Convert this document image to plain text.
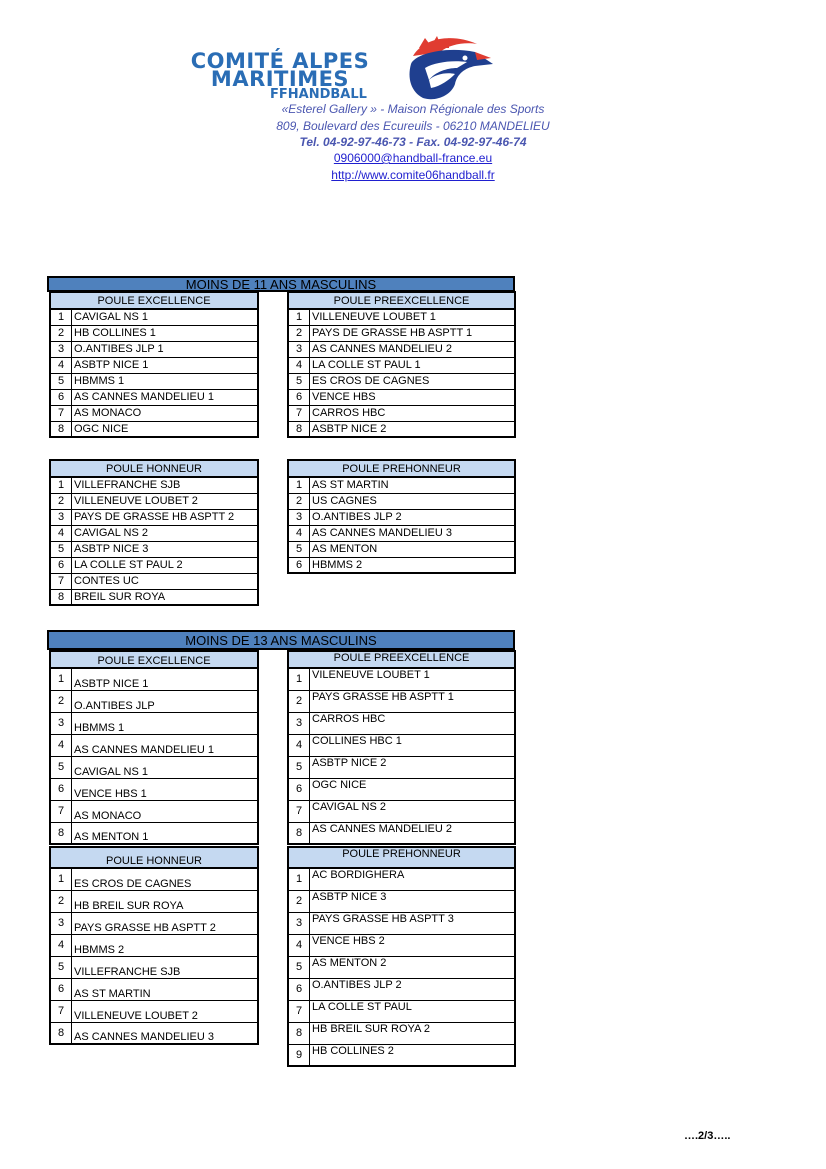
COMITÉ ALPES
MARITIMES
FFHANDBALL
«Esterel Gallery » - Maison Régionale des Sports
809, Boulevard des Ecureuils - 06210 MANDELIEU
Tel. 04-92-97-46-73 - Fax. 04-92-97-46-74
0906000@handball-france.eu
http://www.comite06handball.fr
MOINS DE 11 ANS MASCULINS
POULE EXCELLENCE	
1	CAVIGAL NS 1
2	HB COLLINES 1
3	O.ANTIBES JLP 1
4	ASBTP NICE 1
5	HBMMS 1
6	AS CANNES MANDELIEU 1
7	AS MONACO
8	OGC NICE
POULE PREEXCELLENCE	
1	VILLENEUVE LOUBET 1
2	PAYS DE GRASSE HB ASPTT 1
3	AS CANNES MANDELIEU 2
4	LA COLLE ST PAUL 1
5	ES CROS DE CAGNES
6	VENCE HBS
7	CARROS HBC
8	ASBTP NICE 2
POULE HONNEUR	
1	VILLEFRANCHE SJB
2	VILLENEUVE LOUBET 2
3	PAYS DE GRASSE HB ASPTT 2
4	CAVIGAL NS 2
5	ASBTP NICE 3
6	LA COLLE ST PAUL 2
7	CONTES UC
8	BREIL SUR ROYA
POULE PREHONNEUR	
1	AS ST MARTIN
2	US CAGNES
3	O.ANTIBES JLP 2
4	AS CANNES MANDELIEU 3
5	AS MENTON
6	HBMMS 2
MOINS DE 13 ANS MASCULINS
POULE EXCELLENCE	
1	ASBTP NICE 1
2	O.ANTIBES JLP
3	HBMMS 1
4	AS CANNES MANDELIEU 1
5	CAVIGAL NS 1
6	VENCE HBS 1
7	AS MONACO
8	AS MENTON 1
POULE PREEXCELLENCE	
1	VILENEUVE LOUBET 1
2	PAYS GRASSE HB ASPTT 1
3	CARROS HBC
4	COLLINES HBC 1
5	ASBTP NICE 2
6	OGC NICE
7	CAVIGAL NS 2
8	AS CANNES MANDELIEU 2
POULE HONNEUR	
1	ES CROS DE CAGNES
2	HB BREIL SUR ROYA
3	PAYS GRASSE HB ASPTT 2
4	HBMMS 2
5	VILLEFRANCHE SJB
6	AS ST MARTIN
7	VILLENEUVE LOUBET 2
8	AS CANNES MANDELIEU 3
POULE PREHONNEUR	
1	AC BORDIGHERA
2	ASBTP NICE 3
3	PAYS GRASSE HB ASPTT 3
4	VENCE HBS 2
5	AS MENTON 2
6	O.ANTIBES JLP 2
7	LA COLLE ST PAUL
8	HB BREIL SUR ROYA 2
9	HB COLLINES 2
….2/3…..
